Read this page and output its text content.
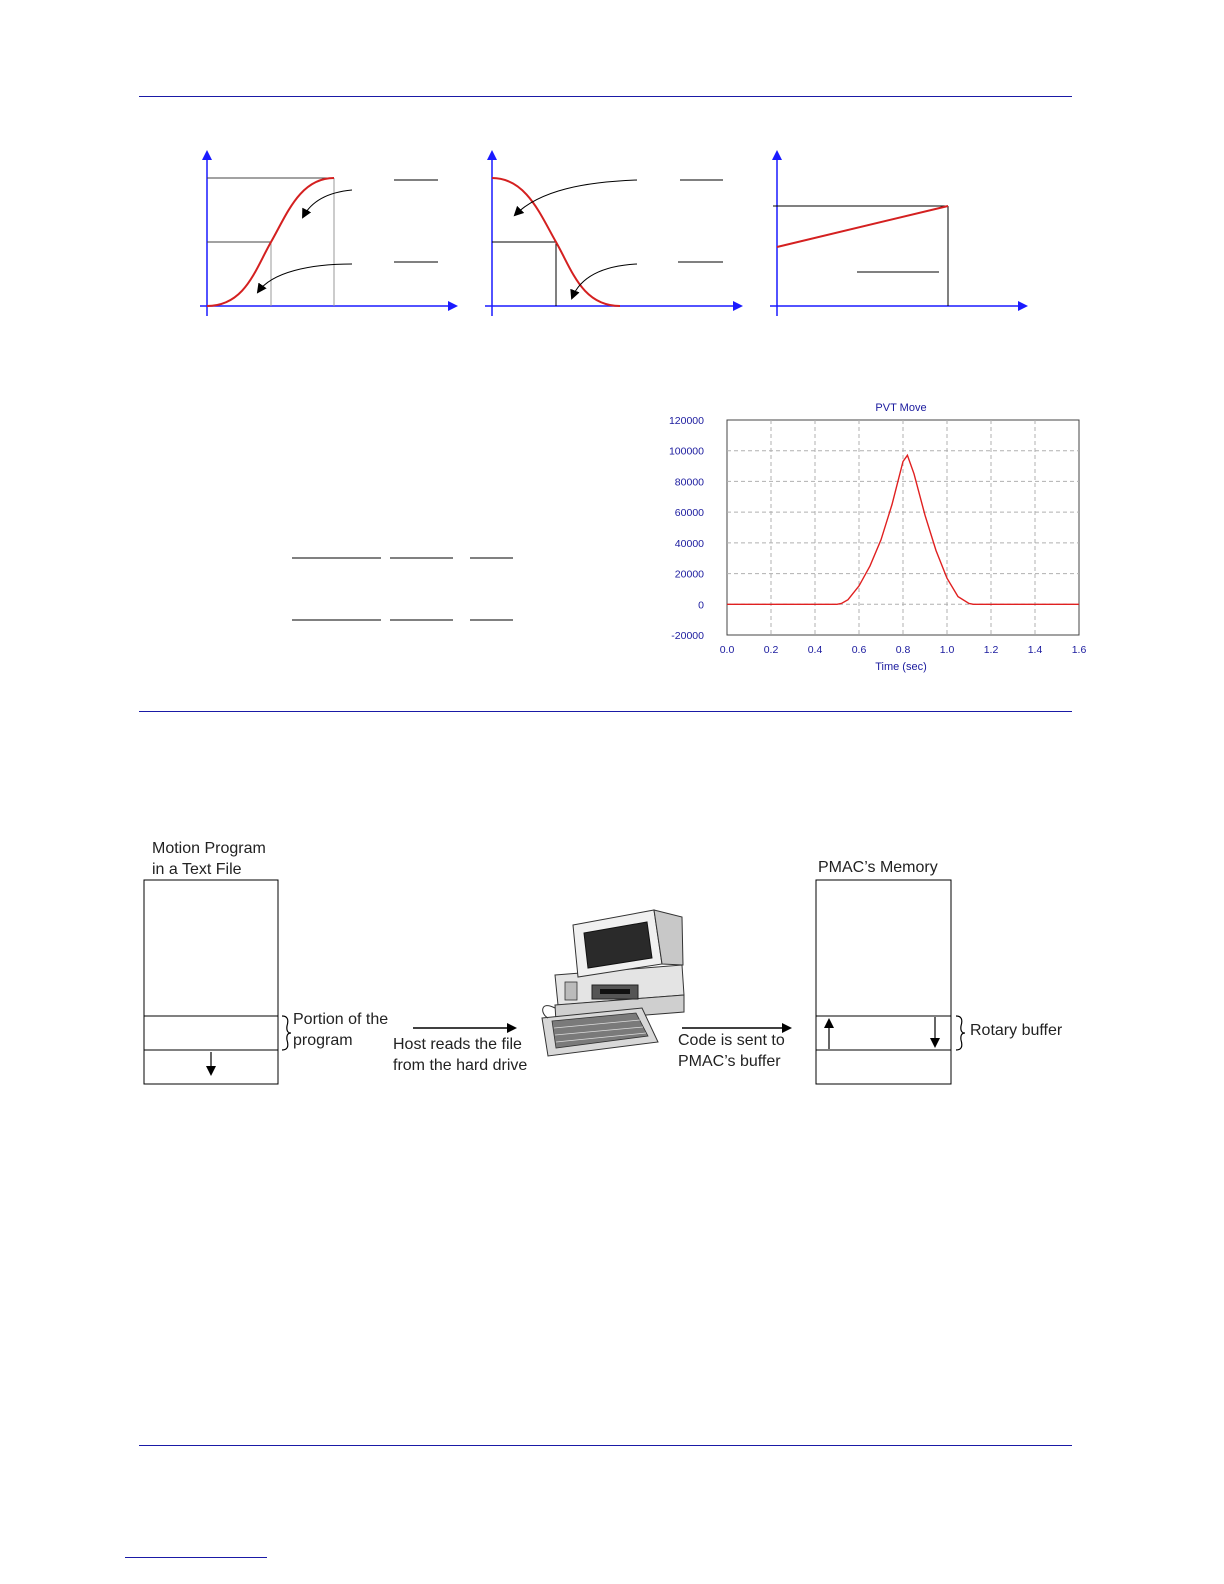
PVT Move
120000
100000
80000
60000
40000
20000
0
-20000
0.0	0.2	0.4	0.6	0.8	1.0	1.2	1.4	1.6
Time (sec)
Motion Program
in a Text File
Portion of the
program	Host reads the file
from the hard drive
Code is sent to
PMAC’s buffer
PMAC’s Memory
Rotary buffer
